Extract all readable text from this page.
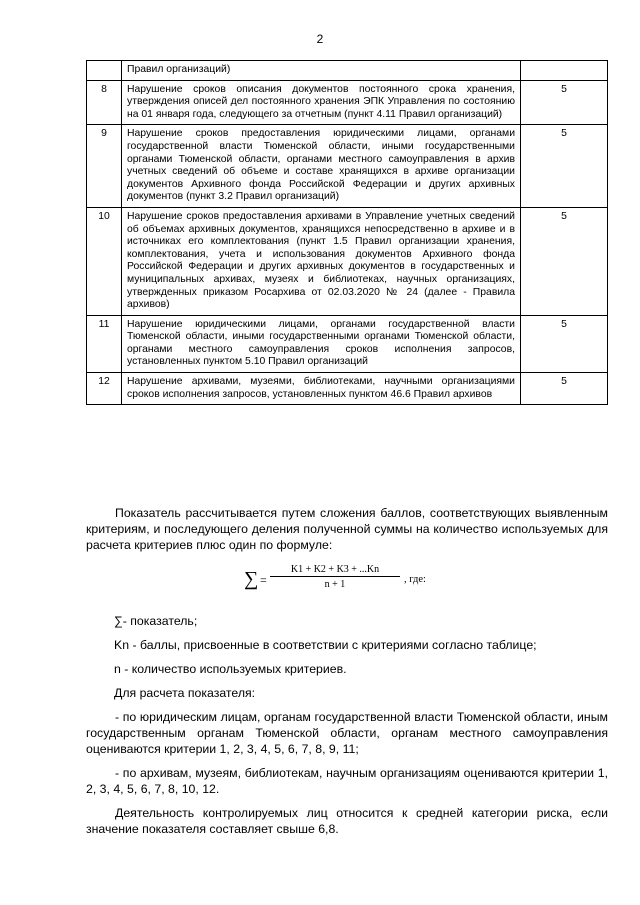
2
	Правил организаций)	
8	Нарушение сроков описания документов постоянного срока хранения, утверждения описей дел постоянного хранения ЭПК Управления по состоянию на 01 января года, следующего за отчетным (пункт 4.11 Правил организаций)	5
9	Нарушение сроков предоставления юридическими лицами, органами государственной власти Тюменской области, иными государственными органами Тюменской области, органами местного самоуправления в архив учетных сведений об объеме и составе хранящихся в архиве организации документов Архивного фонда Российской Федерации и других архивных документов (пункт 3.2 Правил организаций)	5
10	Нарушение сроков предоставления архивами в Управление учетных сведений об объемах архивных документов, хранящихся непосредственно в архиве и в источниках его комплектования (пункт 1.5 Правил организации хранения, комплектования, учета и использования документов Архивного фонда Российской Федерации и других архивных документов в государственных и муниципальных архивах, музеях и библиотеках, научных организациях, утвержденных приказом Росархива от 02.03.2020 № 24 (далее - Правила архивов)	5
11	Нарушение юридическими лицами, органами государственной власти Тюменской области, иными государственными органами Тюменской области, органами местного самоуправления сроков исполнения запросов, установленных пунктом 5.10 Правил организаций	5
12	Нарушение архивами, музеями, библиотеками, научными организациями сроков исполнения запросов, установленных пунктом 46.6 Правил архивов	5
Показатель рассчитывается путем сложения баллов, соответствующих выявленным критериям, и последующего деления полученной суммы на количество используемых для расчета критериев плюс один по формуле:
∑ = $\frac{K1 + K2 + K3 + ...Kn}{n + 1}$ , где:
∑- показатель;
Kn - баллы, присвоенные в соответствии с критериями согласно таблице;
n - количество используемых критериев.
Для расчета показателя:
- по юридическим лицам, органам государственной власти Тюменской области, иным государственным органам Тюменской области, органам местного самоуправления оцениваются критерии 1, 2, 3, 4, 5, 6, 7, 8, 9, 11;
- по архивам, музеям, библиотекам, научным организациям оцениваются критерии 1, 2, 3, 4, 5, 6, 7, 8, 10, 12.
Деятельность контролируемых лиц относится к средней категории риска, если значение показателя составляет свыше 6,8.
